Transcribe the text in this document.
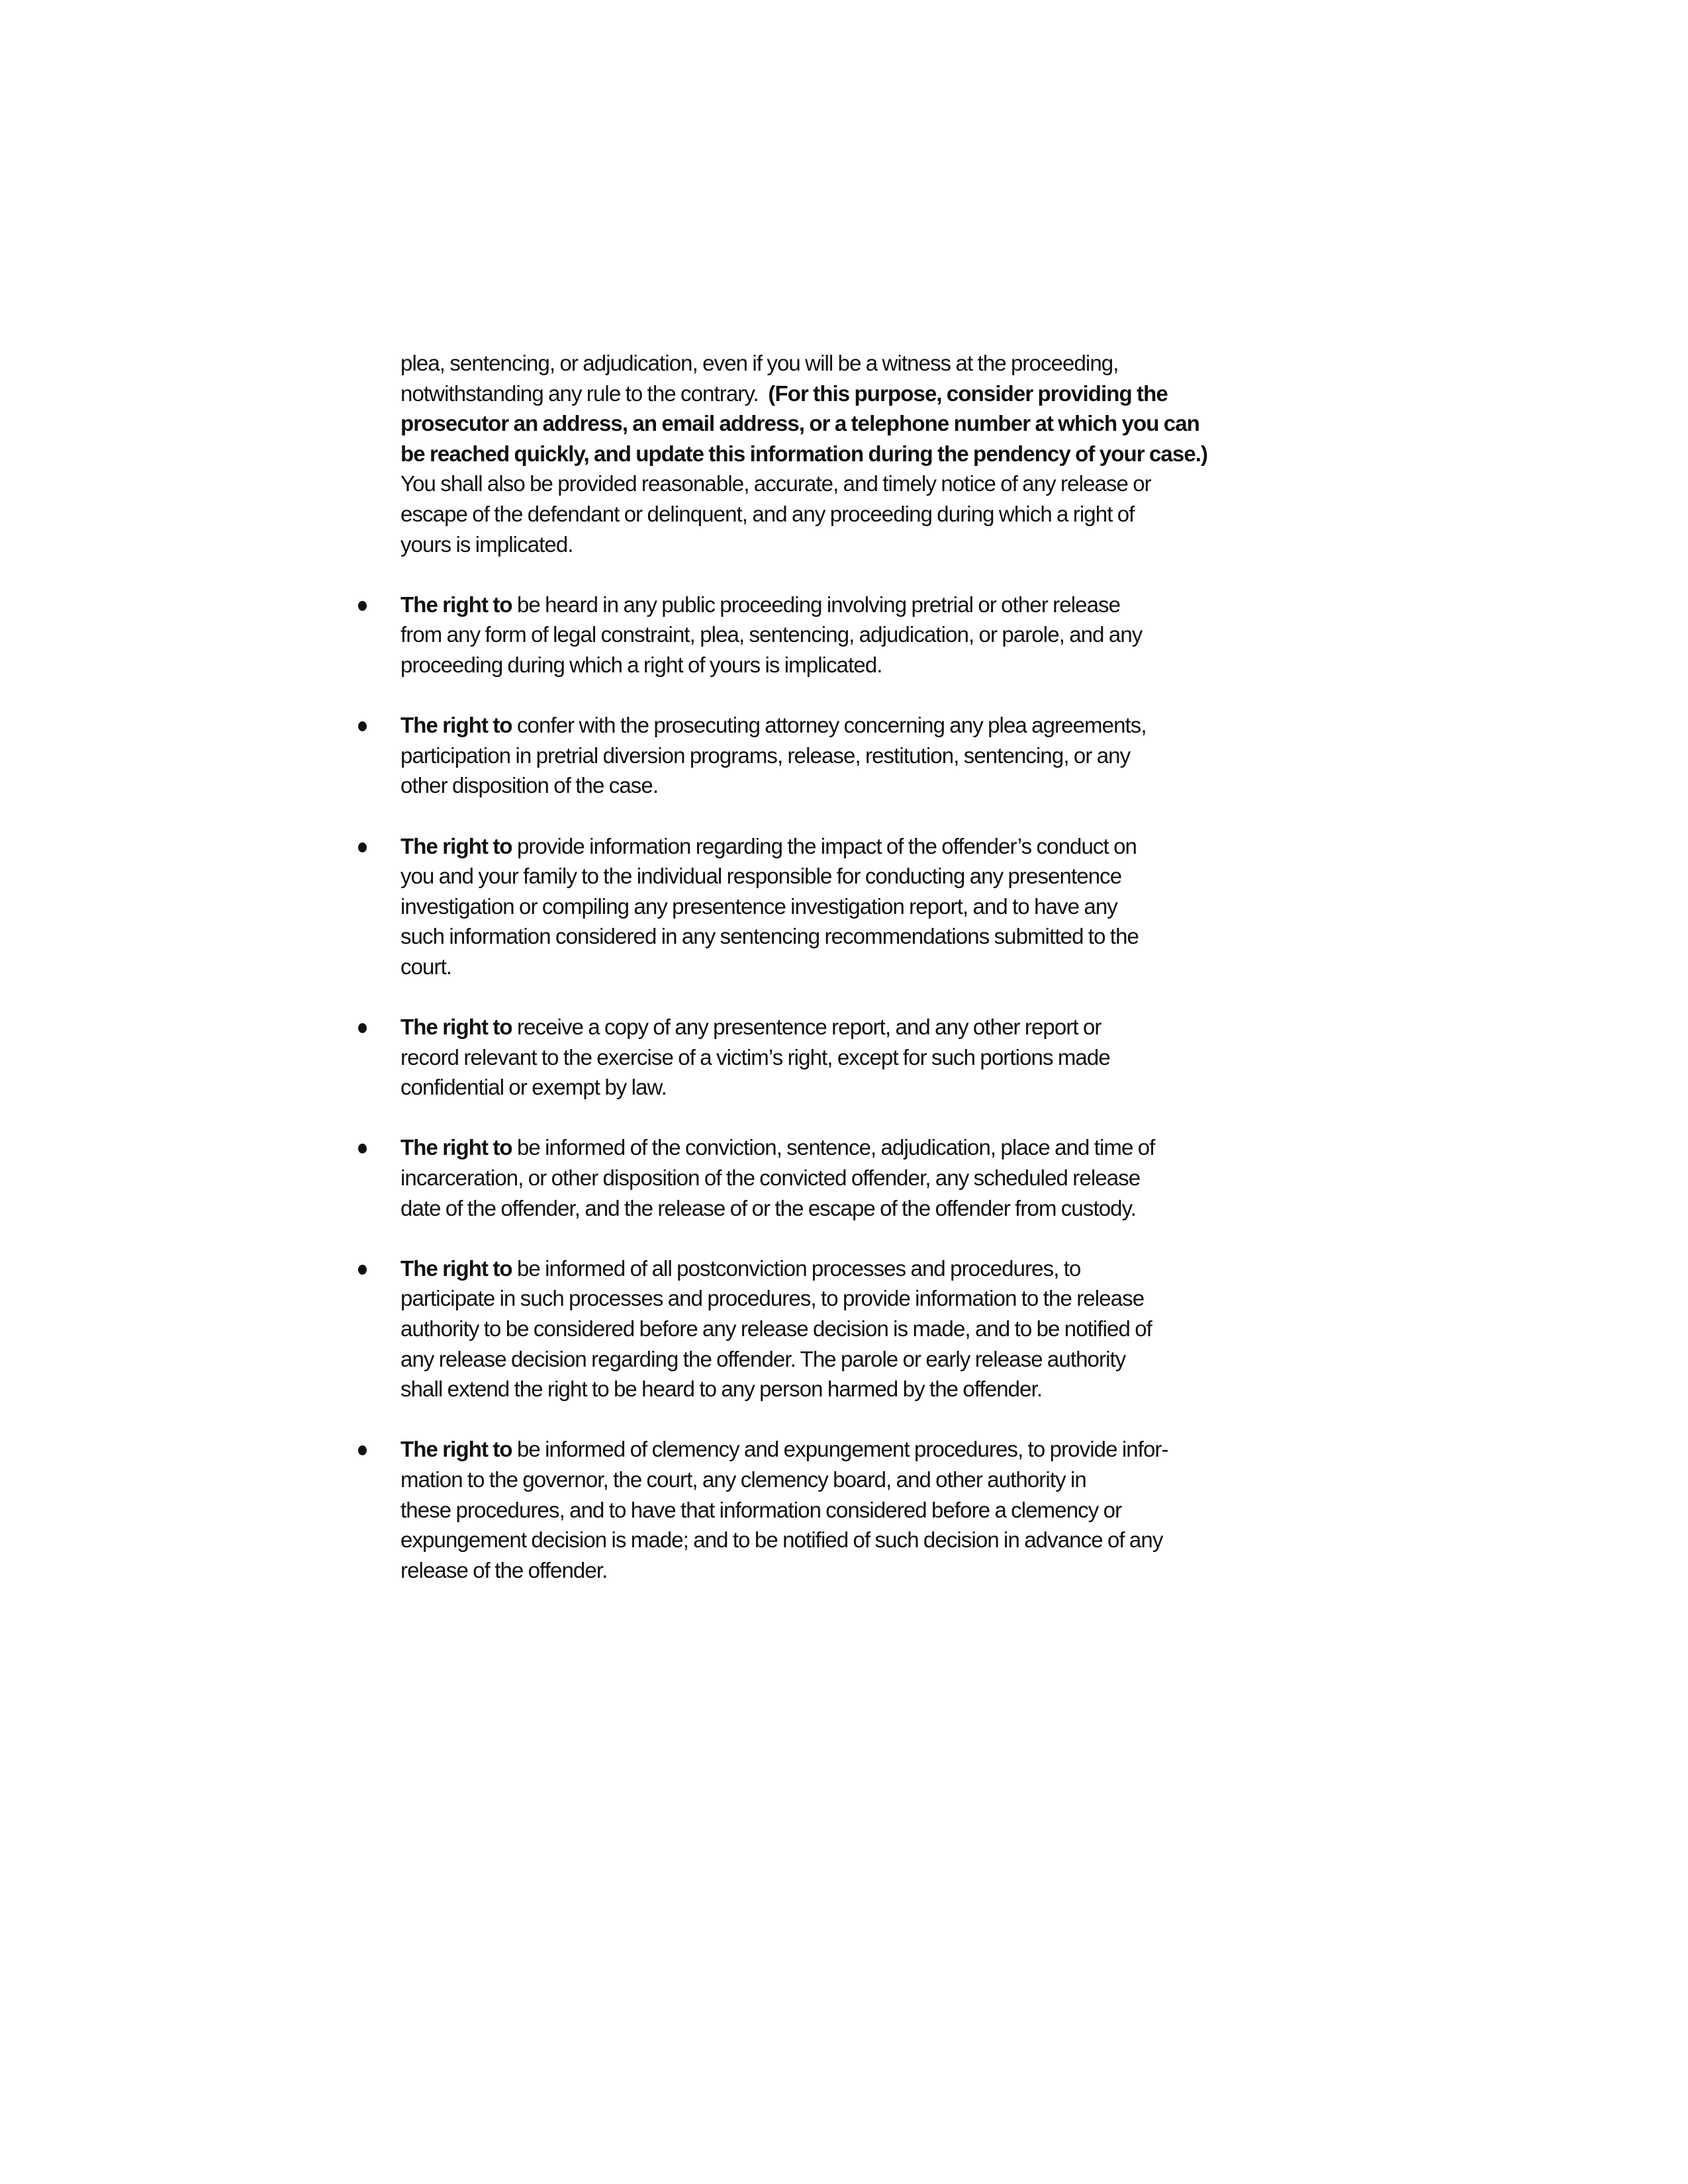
plea, sentencing, or adjudication, even if you will be a witness at the proceeding,
notwithstanding any rule to the contrary.  (For this purpose, consider providing the
prosecutor an address, an email address, or a telephone number at which you can
be reached quickly, and update this information during the pendency of your case.)
You shall also be provided reasonable, accurate, and timely notice of any release or
escape of the defendant or delinquent, and any proceeding during which a right of
yours is implicated.

The right to be heard in any public proceeding involving pretrial or other release
from any form of legal constraint, plea, sentencing, adjudication, or parole, and any
proceeding during which a right of yours is implicated.
The right to confer with the prosecuting attorney concerning any plea agreements,
participation in pretrial diversion programs, release, restitution, sentencing, or any
other disposition of the case.
The right to provide information regarding the impact of the offender’s conduct on
you and your family to the individual responsible for conducting any presentence
investigation or compiling any presentence investigation report, and to have any
such information considered in any sentencing recommendations submitted to the
court.
The right to receive a copy of any presentence report, and any other report or
record relevant to the exercise of a victim’s right, except for such portions made
confidential or exempt by law.
The right to be informed of the conviction, sentence, adjudication, place and time of
incarceration, or other disposition of the convicted offender, any scheduled release
date of the offender, and the release of or the escape of the offender from custody.
The right to be informed of all postconviction processes and procedures, to
participate in such processes and procedures, to provide information to the release
authority to be considered before any release decision is made, and to be notified of
any release decision regarding the offender. The parole or early release authority
shall extend the right to be heard to any person harmed by the offender.
The right to be informed of clemency and expungement procedures, to provide infor-
mation to the governor, the court, any clemency board, and other authority in
these procedures, and to have that information considered before a clemency or
expungement decision is made; and to be notified of such decision in advance of any
release of the offender.
